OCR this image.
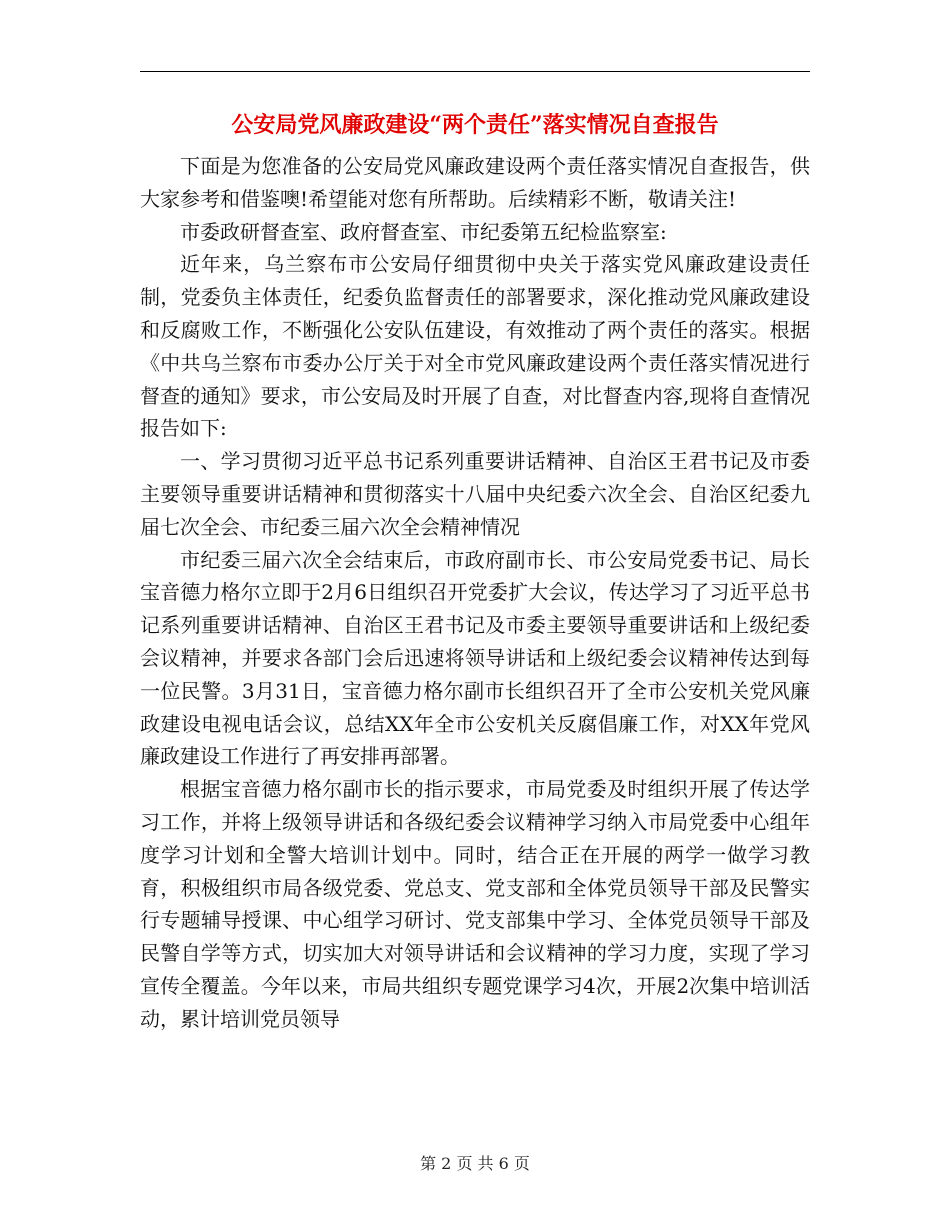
公安局党风廉政建设“两个责任”落实情况自查报告

下面是为您准备的公安局党风廉政建设两个责任落实情况自查报告，供大家参考和借鉴噢!希望能对您有所帮助。后续精彩不断，敬请关注!

市委政研督查室、政府督查室、市纪委第五纪检监察室:

近年来，乌兰察布市公安局仔细贯彻中央关于落实党风廉政建设责任制，党委负主体责任，纪委负监督责任的部署要求，深化推动党风廉政建设和反腐败工作，不断强化公安队伍建设，有效推动了两个责任的落实。根据《中共乌兰察布市委办公厅关于对全市党风廉政建设两个责任落实情况进行督查的通知》要求，市公安局及时开展了自查，对比督查内容,现将自查情况报告如下:

一、学习贯彻习近平总书记系列重要讲话精神、自治区王君书记及市委主要领导重要讲话精神和贯彻落实十八届中央纪委六次全会、自治区纪委九届七次全会、市纪委三届六次全会精神情况

市纪委三届六次全会结束后，市政府副市长、市公安局党委书记、局长宝音德力格尔立即于2月6日组织召开党委扩大会议，传达学习了习近平总书记系列重要讲话精神、自治区王君书记及市委主要领导重要讲话和上级纪委会议精神，并要求各部门会后迅速将领导讲话和上级纪委会议精神传达到每一位民警。3月31日，宝音德力格尔副市长组织召开了全市公安机关党风廉政建设电视电话会议，总结XX年全市公安机关反腐倡廉工作，对XX年党风廉政建设工作进行了再安排再部署。

根据宝音德力格尔副市长的指示要求，市局党委及时组织开展了传达学习工作，并将上级领导讲话和各级纪委会议精神学习纳入市局党委中心组年度学习计划和全警大培训计划中。同时，结合正在开展的两学一做学习教育，积极组织市局各级党委、党总支、党支部和全体党员领导干部及民警实行专题辅导授课、中心组学习研讨、党支部集中学习、全体党员领导干部及民警自学等方式，切实加大对领导讲话和会议精神的学习力度，实现了学习宣传全覆盖。今年以来，市局共组织专题党课学习4次，开展2次集中培训活动，累计培训党员领导

第 2 页 共 6 页
